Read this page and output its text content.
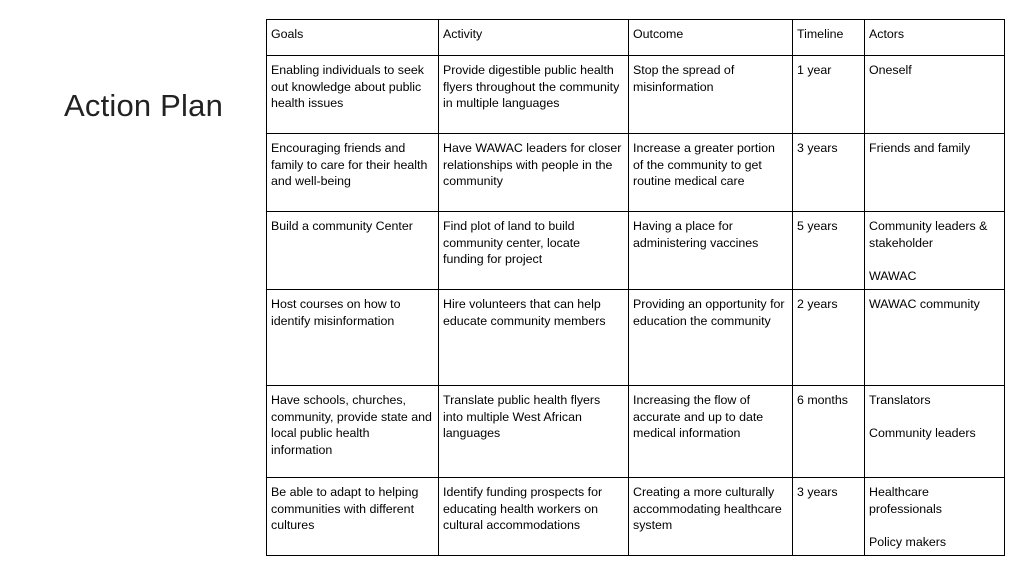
Action Plan
Goals	Activity	Outcome	Timeline	Actors
Enabling individuals to seek out knowledge about public health issues	Provide digestible public health flyers throughout the community in multiple languages	Stop the spread of misinformation	1 year	Oneself

Encouraging friends and family to care for their health and well-being	Have WAWAC leaders for closer relationships with people in the community	Increase a greater portion of the community to get routine medical care	3 years	Friends and family

Build a community Center	Find plot of land to build community center, locate funding for project	Having a place for administering vaccines	5 years	Community leaders & stakeholder
WAWAC

Host courses on how to identify misinformation	Hire volunteers that can help educate community members	Providing an opportunity for education the community	2 years	WAWAC community

Have schools, churches, community, provide state and local public health information	Translate public health flyers into multiple West African languages	Increasing the flow of accurate and up to date medical information	6 months	Translators
Community leaders

Be able to adapt to helping communities with different cultures	Identify funding prospects for educating health workers on cultural accommodations	Creating a more culturally accommodating healthcare system	3 years	Healthcare professionals
Policy makers
